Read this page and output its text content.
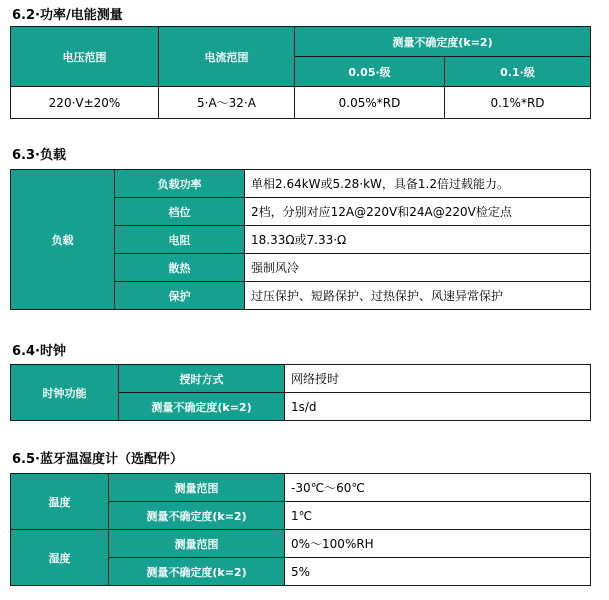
6.2·功率/电能测量
电压范围	电流范围	测量不确定度(k=2)	
		0.05·级	0.1·级
220·V±20%	5·A～32·A	0.05%*RD	0.1%*RD
6.3·负载
负载	负载功率	单相2.64kW或5.28·kW，具备1.2倍过载能力。
	档位	2档，分别对应12A@220V和24A@220V检定点
	电阻	18.33Ω或7.33·Ω
	散热	强制风冷
	保护	过压保护、短路保护、过热保护、风速异常保护
6.4·时钟
时钟功能	授时方式	网络授时
	测量不确定度(k=2)	1s/d
6.5·蓝牙温湿度计（选配件）
温度	测量范围	-30℃～60℃
	测量不确定度(k=2)	1℃
湿度	测量范围	0%～100%RH
	测量不确定度(k=2)	5%
